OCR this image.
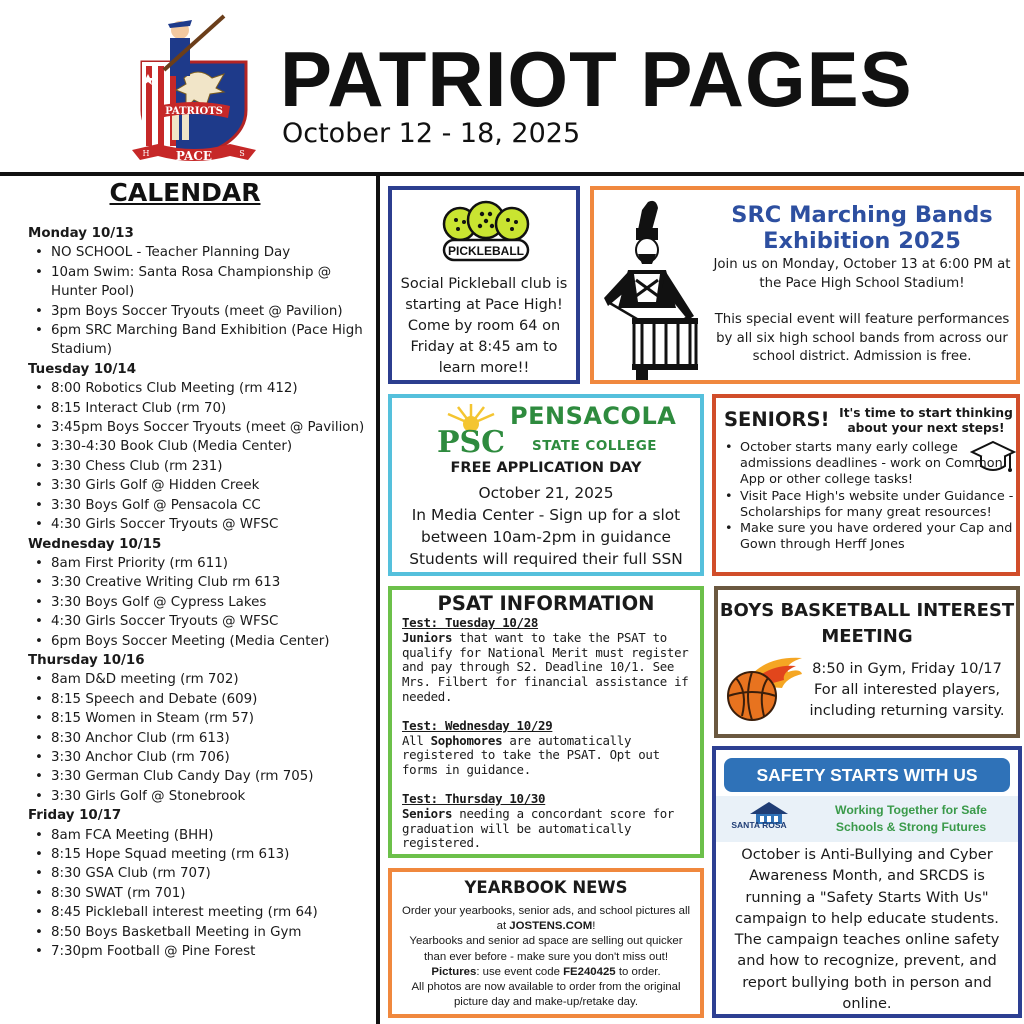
PATRIOTS
PACE
H	S
PATRIOT PAGES
October 12 - 18, 2025
CALENDAR
Monday 10/13
• NO SCHOOL - Teacher Planning Day
• 10am Swim: Santa Rosa Championship @ Hunter Pool)
• 3pm Boys Soccer Tryouts (meet @ Pavilion)
• 6pm SRC Marching Band Exhibition (Pace High Stadium)
Tuesday 10/14
• 8:00 Robotics Club Meeting (rm 412)
• 8:15 Interact Club (rm 70)
• 3:45pm Boys Soccer Tryouts (meet @ Pavilion)
• 3:30-4:30 Book Club (Media Center)
• 3:30 Chess Club (rm 231)
• 3:30 Girls Golf @ Hidden Creek
• 3:30 Boys Golf @ Pensacola CC
• 4:30 Girls Soccer Tryouts @ WFSC
Wednesday 10/15
• 8am First Priority (rm 611)
• 3:30 Creative Writing Club rm 613
• 3:30 Boys Golf @ Cypress Lakes
• 4:30 Girls Soccer Tryouts @ WFSC
• 6pm Boys Soccer Meeting (Media Center)
Thursday 10/16
• 8am D&D meeting (rm 702)
• 8:15 Speech and Debate (609)
• 8:15 Women in Steam (rm 57)
• 8:30 Anchor Club (rm 613)
• 3:30 Anchor Club (rm 706)
• 3:30 German Club Candy Day (rm 705)
• 3:30 Girls Golf @ Stonebrook
Friday 10/17
• 8am FCA Meeting (BHH)
• 8:15 Hope Squad meeting (rm 613)
• 8:30 GSA Club (rm 707)
• 8:30 SWAT (rm 701)
• 8:45 Pickleball interest meeting (rm 64)
• 8:50 Boys Basketball Meeting in Gym
• 7:30pm Football @ Pine Forest
PICKLEBALL
Social Pickleball club is starting at Pace High! Come by room 64 on Friday at 8:45 am to learn more!!
SRC Marching Bands Exhibition 2025
Join us on Monday, October 13 at 6:00 PM at the Pace High School Stadium!
This special event will feature performances by all six high school bands from across our school district. Admission is free.
PSC
PENSACOLA
STATE COLLEGE
FREE APPLICATION DAY
October 21, 2025
In Media Center - Sign up for a slot between 10am-2pm in guidance
Students will required their full SSN
SENIORS! It's time to start thinking about your next steps!
• October starts many early college admissions deadlines - work on Common App or other college tasks!
• Visit Pace High's website under Guidance - Scholarships for many great resources!
• Make sure you have ordered your Cap and Gown through Herff Jones
PSAT INFORMATION
Test: Tuesday 10/28
Juniors that want to take the PSAT to qualify for National Merit must register and pay through S2. Deadline 10/1. See Mrs. Filbert for financial assistance if needed.
Test: Wednesday 10/29
All Sophomores are automatically registered to take the PSAT. Opt out forms in guidance.
Test: Thursday 10/30
Seniors needing a concordant score for graduation will be automatically registered.
BOYS BASKETBALL INTEREST MEETING
8:50 in Gym, Friday 10/17 For all interested players, including returning varsity.
SAFETY STARTS WITH US
SANTA ROSA
Working Together for Safe Schools & Strong Futures
October is Anti-Bullying and Cyber Awareness Month, and SRCDS is running a "Safety Starts With Us" campaign to help educate students. The campaign teaches online safety and how to recognize, prevent, and report bullying both in person and online.
YEARBOOK NEWS
Order your yearbooks, senior ads, and school pictures all at JOSTENS.COM!
Yearbooks and senior ad space are selling out quicker than ever before - make sure you don't miss out!
Pictures: use event code FE240425 to order.
All photos are now available to order from the original picture day and make-up/retake day.
